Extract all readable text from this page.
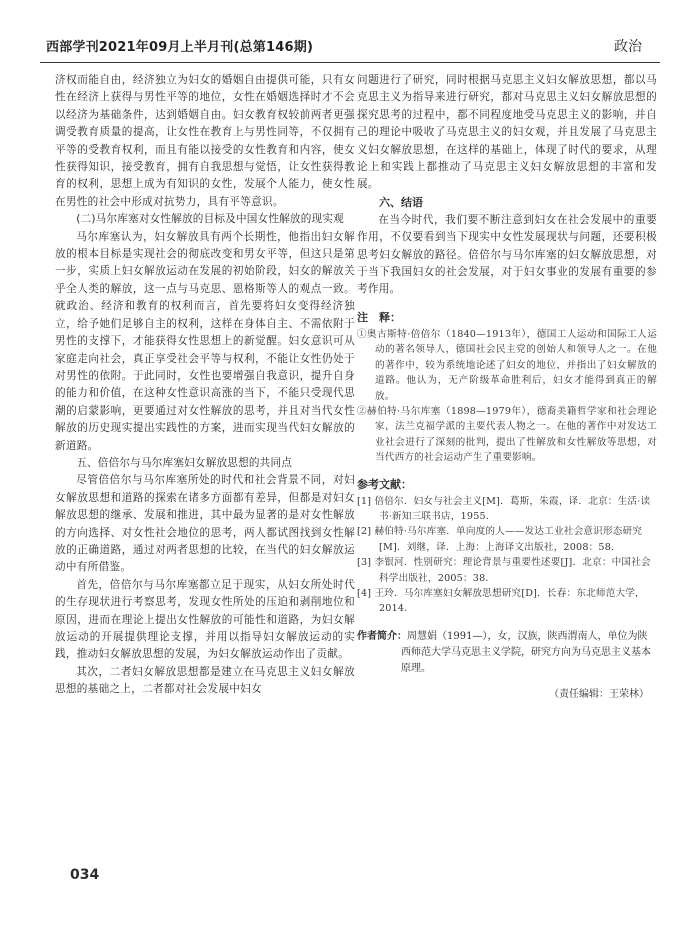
西部学刊2021年09月上半月刊(总第146期)	政治

济权而能自由，经济独立为妇女的婚姻自由提供可能，只有女性在经济上获得与男性平等的地位，女性在婚姻选择时才不会以经济为基础条件，达到婚姻自由。妇女教育权较前两者更强调受教育质量的提高，让女性在教育上与男性同等，不仅拥有平等的受教育权利，而且有能以接受的女性教育和内容，使女性获得知识，接受教育，拥有自我思想与觉悟，让女性获得教育的权利，思想上成为有知识的女性，发展个人能力，使女性在男性的社会中形成对抗势力，具有平等意识。

(二)马尔库塞对女性解放的目标及中国女性解放的现实观

马尔库塞认为，妇女解放具有两个长期性，他指出妇女解放的根本目标是实现社会的彻底改变和男女平等，但这只是第一步，实质上妇女解放运动在发展的初始阶段，妇女的解放关乎全人类的解放，这一点与马克思、恩格斯等人的观点一致。就政治、经济和教育的权利而言，首先要将妇女变得经济独立，给予她们足够自主的权利，这样在身体自主、不需依附于男性的支撑下，才能获得女性思想上的新觉醒。妇女意识可从家庭走向社会，真正享受社会平等与权利，不能让女性仍处于对男性的依附。于此同时，女性也要增强自我意识，提升自身的能力和价值，在这种女性意识高涨的当下，不能只受现代思潮的启蒙影响，更要通过对女性解放的思考，并且对当代女性解放的历史现实提出实践性的方案，进而实现当代妇女解放的新道路。

五、倍倍尔与马尔库塞妇女解放思想的共同点

尽管倍倍尔与马尔库塞所处的时代和社会背景不同，对妇女解放思想和道路的探索在诸多方面都有差异，但都是对妇女解放思想的继承、发展和推进，其中最为显著的是对女性解放的方向选择、对女性社会地位的思考，两人都试图找到女性解放的正确道路，通过对两者思想的比较，在当代的妇女解放运动中有所借鉴。

首先，倍倍尔与马尔库塞都立足于现实，从妇女所处时代的生存现状进行考察思考，发现女性所处的压迫和剥削地位和原因，进而在理论上提出女性解放的可能性和道路，为妇女解放运动的开展提供理论支撑，并用以指导妇女解放运动的实践，推动妇女解放思想的发展，为妇女解放运动作出了贡献。

其次，二者妇女解放思想都是建立在马克思主义妇女解放思想的基础之上，二者都对社会发展中妇女

问题进行了研究，同时根据马克思主义妇女解放思想，都以马克思主义为指导来进行研究，都对马克思主义妇女解放思想的探究思考的过程中，都不同程度地受马克思主义的影响，并自己的理论中吸收了马克思主义的妇女观，并且发展了马克思主义妇女解放思想，在这样的基础上，体现了时代的要求，从理论上和实践上都推动了马克思主义妇女解放思想的丰富和发展。

六、结语

在当今时代，我们要不断注意到妇女在社会发展中的重要作用，不仅要看到当下现实中女性发展现状与问题，还要积极思考妇女解放的路径。倍倍尔与马尔库塞的妇女解放思想，对于当下我国妇女的社会发展，对于妇女事业的发展有重要的参考作用。

注　释：
①奥古斯特·倍倍尔（1840—1913年），德国工人运动和国际工人运动的著名领导人，德国社会民主党的创始人和领导人之一。在他的著作中，较为系统地论述了妇女的地位，并指出了妇女解放的道路。他认为，无产阶级革命胜利后，妇女才能得到真正的解放。
②赫伯特·马尔库塞（1898—1979年），德裔美籍哲学家和社会理论家，法兰克福学派的主要代表人物之一。在他的著作中对发达工业社会进行了深刻的批判，提出了性解放和女性解放等思想，对当代西方的社会运动产生了重要影响。
参考文献：
[1] 倍倍尔．妇女与社会主义[M]．葛斯，朱霞，译．北京：生活·读书·新知三联书店，1955．
[2] 赫伯特·马尔库塞．单向度的人——发达工业社会意识形态研究[M]．刘继，译．上海：上海译文出版社，2008：58．
[3] 李银河．性别研究：理论背景与重要性述要[J]．北京：中国社会科学出版社，2005：38．
[4] 王玲．马尔库塞妇女解放思想研究[D]．长春：东北师范大学，2014．
作者简介：周慧娟（1991—），女，汉族，陕西渭南人，单位为陕西师范大学马克思主义学院，研究方向为马克思主义基本原理。
（责任编辑：王荣林）
034
